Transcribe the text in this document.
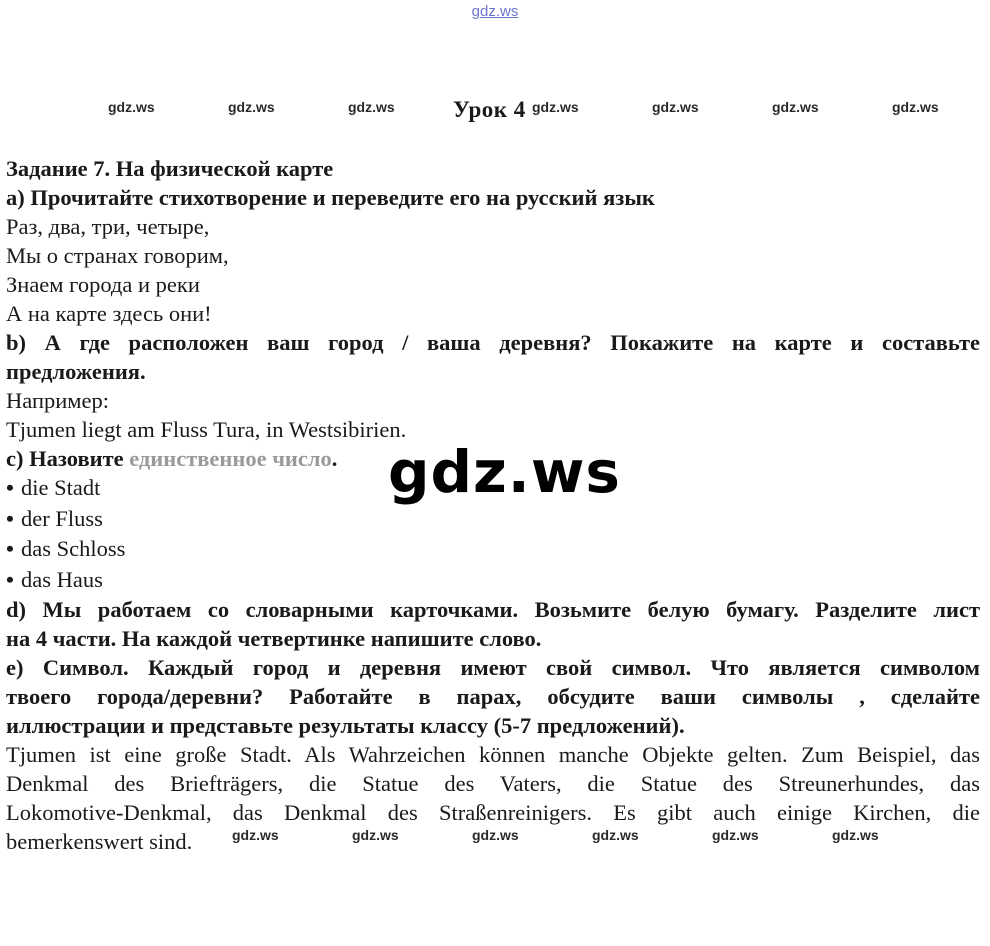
gdz.ws
gdz.ws	gdz.ws	gdz.ws	Урок 4 gdz.ws	gdz.ws	gdz.ws	gdz.ws
Задание 7. На физической карте
a) Прочитайте стихотворение и переведите его на русский язык
Раз, два, три, четыре,
Мы о странах говорим,
Знаем города и реки
А на карте здесь они!
b) А где расположен ваш город / ваша деревня? Покажите на карте и составьте
предложения.
Например:
Tjumen liegt am Fluss Tura, in Westsibirien.
c) Назовите единственное число.
• die Stadt
• der Fluss
• das Schloss
• das Haus
d) Мы работаем со словарными карточками. Возьмите белую бумагу. Разделите лист
на 4 части. На каждой четвертинке напишите слово.
e) Символ. Каждый город и деревня имеют свой символ. Что является символом
твоего города/деревни? Работайте в парах, обсудите ваши символы , сделайте
иллюстрации и представьте результаты классу (5-7 предложений).
Tjumen ist eine große Stadt. Als Wahrzeichen können manche Objekte gelten. Zum Beispiel, das
Denkmal des Briefträgers, die Statue des Vaters, die Statue des Streunerhundes, das
Lokomotive-Denkmal, das Denkmal des Straßenreinigers. Es gibt auch einige Kirchen, die
bemerkenswert sind.
gdz.ws
gdz.ws	gdz.ws	gdz.ws	gdz.ws	gdz.ws	gdz.ws
